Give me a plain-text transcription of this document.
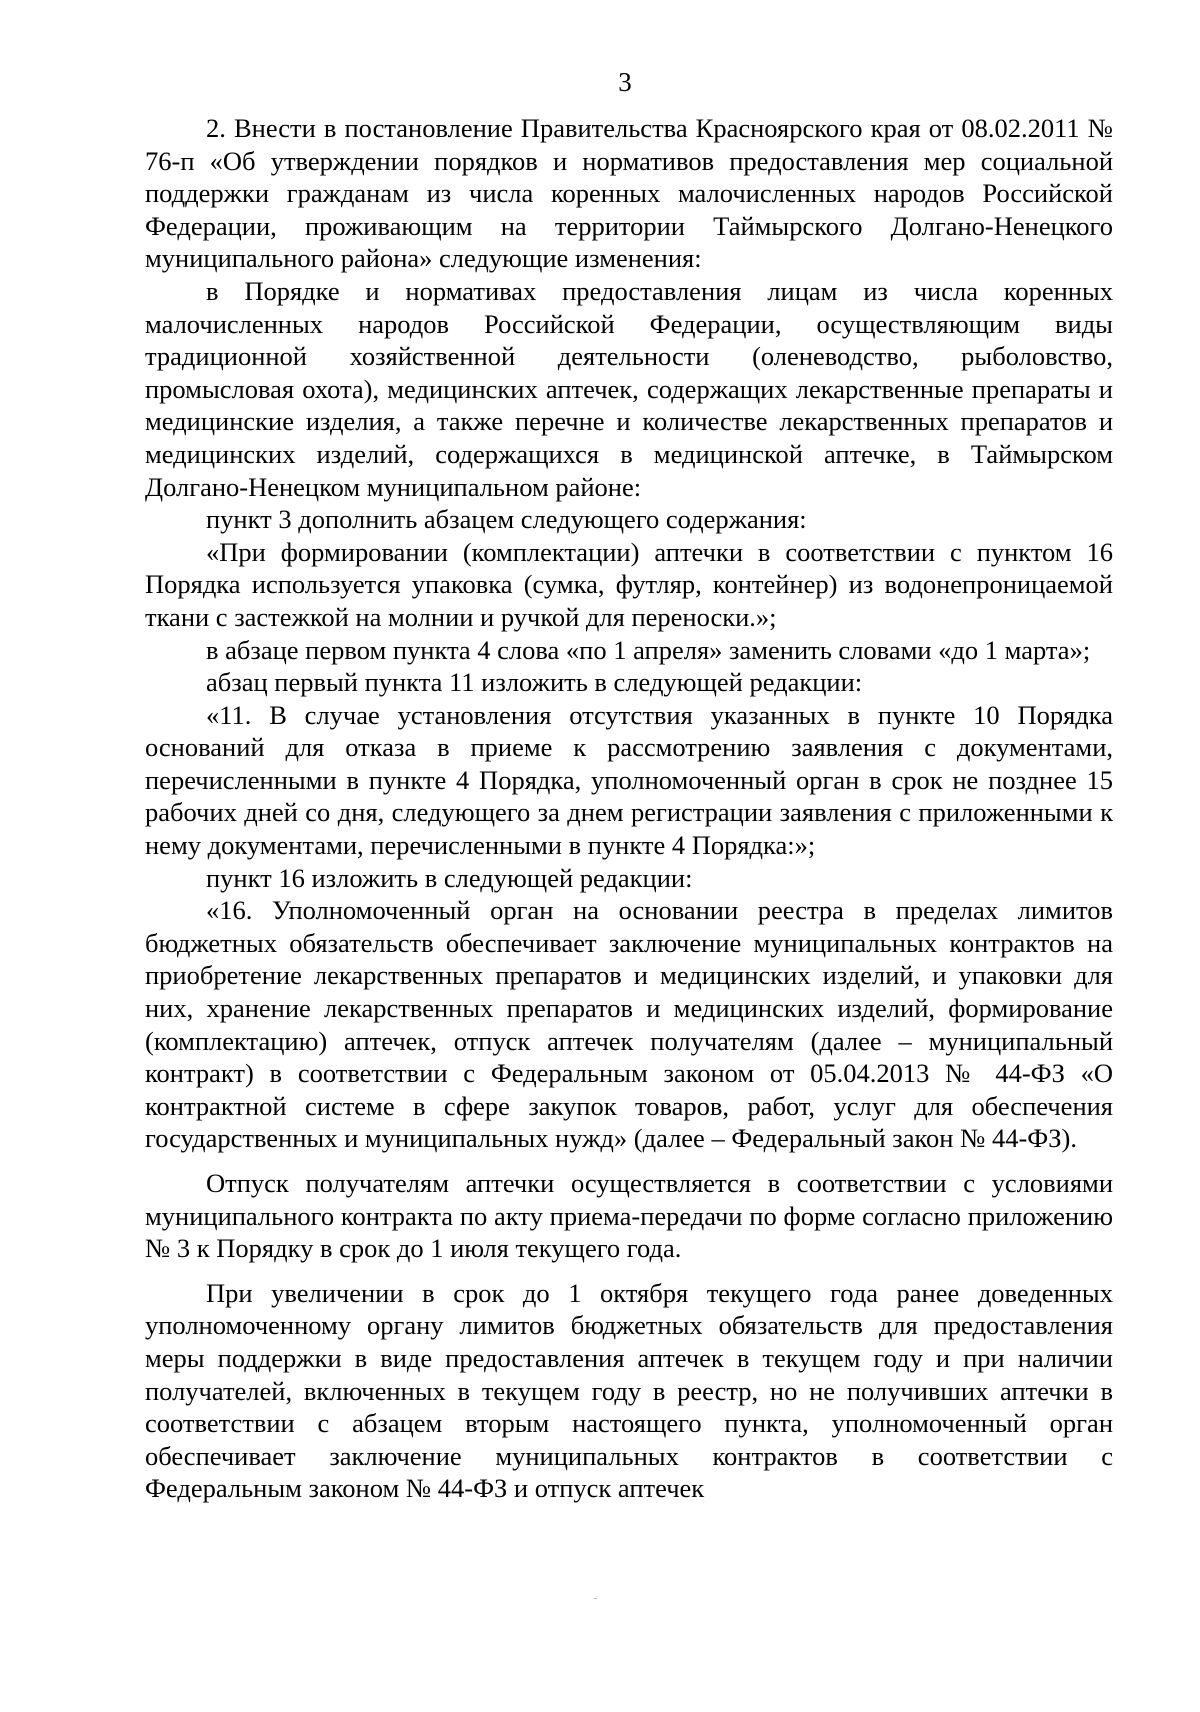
3

2. Внести в постановление Правительства Красноярского края от 08.02.2011 № 76-п «Об утверждении порядков и нормативов предоставления мер социальной поддержки гражданам из числа коренных малочисленных народов Российской Федерации, проживающим на территории Таймырского Долгано-Ненецкого муниципального района» следующие изменения:

в Порядке и нормативах предоставления лицам из числа коренных малочисленных народов Российской Федерации, осуществляющим виды традиционной хозяйственной деятельности (оленеводство, рыболовство, промысловая охота), медицинских аптечек, содержащих лекарственные препараты и медицинские изделия, а также перечне и количестве лекарственных препаратов и медицинских изделий, содержащихся в медицинской аптечке, в Таймырском Долгано-Ненецком муниципальном районе:

пункт 3 дополнить абзацем следующего содержания:

«При формировании (комплектации) аптечки в соответствии с пунктом 16 Порядка используется упаковка (сумка, футляр, контейнер) из водонепроницаемой ткани с застежкой на молнии и ручкой для переноски.»;

в абзаце первом пункта 4 слова «по 1 апреля» заменить словами «до 1 марта»;

абзац первый пункта 11 изложить в следующей редакции:

«11. В случае установления отсутствия указанных в пункте 10 Порядка оснований для отказа в приеме к рассмотрению заявления с документами, перечисленными в пункте 4 Порядка, уполномоченный орган в срок не позднее 15 рабочих дней со дня, следующего за днем регистрации заявления с приложенными к нему документами, перечисленными в пункте 4 Порядка:»;

пункт 16 изложить в следующей редакции:

«16. Уполномоченный орган на основании реестра в пределах лимитов бюджетных обязательств обеспечивает заключение муниципальных контрактов на приобретение лекарственных препаратов и медицинских изделий, и упаковки для них, хранение лекарственных препаратов и медицинских изделий, формирование (комплектацию) аптечек, отпуск аптечек получателям (далее – муниципальный контракт) в соответствии с Федеральным законом от 05.04.2013 № 44-ФЗ «О контрактной системе в сфере закупок товаров, работ, услуг для обеспечения государственных и муниципальных нужд» (далее – Федеральный закон № 44-ФЗ).

Отпуск получателям аптечки осуществляется в соответствии с условиями муниципального контракта по акту приема-передачи по форме согласно приложению № 3 к Порядку в срок до 1 июля текущего года.

При увеличении в срок до 1 октября текущего года ранее доведенных уполномоченному органу лимитов бюджетных обязательств для предоставления меры поддержки в виде предоставления аптечек в текущем году и при наличии получателей, включенных в текущем году в реестр, но не получивших аптечки в соответствии с абзацем вторым настоящего пункта, уполномоченный орган обеспечивает заключение муниципальных контрактов в соответствии с Федеральным законом № 44-ФЗ и отпуск аптечек
